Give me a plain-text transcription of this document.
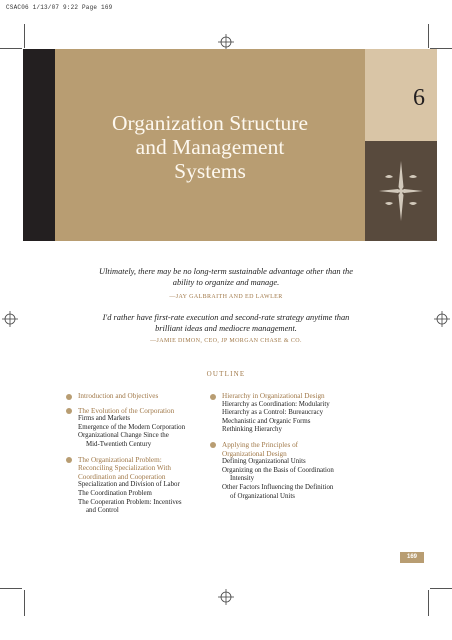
CSAC06 1/13/07 9:22 Page 169
Organization Structure
and Management
Systems
6

Ultimately, there may be no long-term sustainable advantage other than the
ability to organize and manage.

—JAY GALBRAITH AND ED LAWLER

I'd rather have first-rate execution and second-rate strategy anytime than
brilliant ideas and mediocre management.

—JAMIE DIMON, CEO, JP MORGAN CHASE & CO.

OUTLINE

Introduction and Objectives
The Evolution of the Corporation
Firms and Markets
Emergence of the Modern Corporation
Organizational Change Since the
Mid-Twentieth Century
The Organizational Problem:
Reconciling Specialization With
Coordination and Cooperation
Specialization and Division of Labor
The Coordination Problem
The Cooperation Problem: Incentives
and Control
Hierarchy in Organizational Design
Hierarchy as Coordination: Modularity
Hierarchy as a Control: Bureaucracy
Mechanistic and Organic Forms
Rethinking Hierarchy
Applying the Principles of
Organizational Design
Defining Organizational Units
Organizing on the Basis of Coordination
Intensity
Other Factors Influencing the Definition
of Organizational Units
169
